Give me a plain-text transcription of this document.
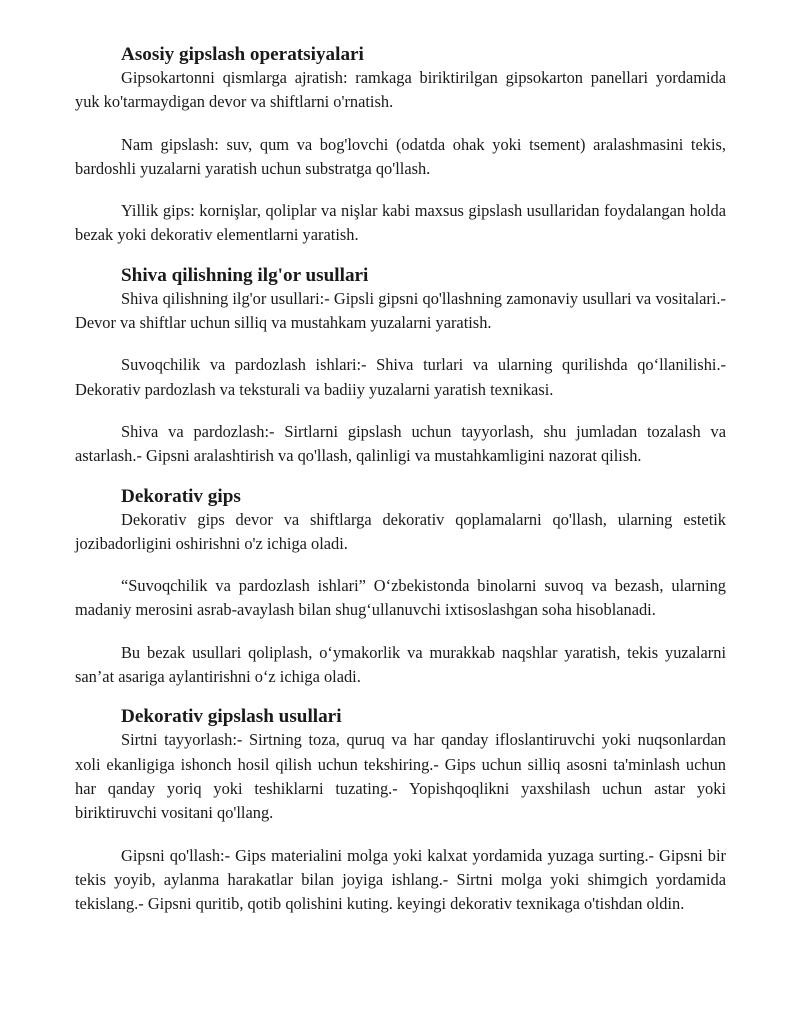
Asosiy gipslash operatsiyalari

Gipsokartonni qismlarga ajratish: ramkaga biriktirilgan gipsokarton panellari yordamida yuk ko'tarmaydigan devor va shiftlarni o'rnatish.

Nam gipslash: suv, qum va bog'lovchi (odatda ohak yoki tsement) aralashmasini tekis, bardoshli yuzalarni yaratish uchun substratga qo'llash.

Yillik gips: kornişlar, qoliplar va nişlar kabi maxsus gipslash usullaridan foydalangan holda bezak yoki dekorativ elementlarni yaratish.

Shiva qilishning ilg'or usullari

Shiva qilishning ilg'or usullari:- Gipsli gipsni qo'llashning zamonaviy usullari va vositalari.- Devor va shiftlar uchun silliq va mustahkam yuzalarni yaratish.

Suvoqchilik va pardozlash ishlari:- Shiva turlari va ularning qurilishda qo‘llanilishi.- Dekorativ pardozlash va teksturali va badiiy yuzalarni yaratish texnikasi.

Shiva va pardozlash:- Sirtlarni gipslash uchun tayyorlash, shu jumladan tozalash va astarlash.- Gipsni aralashtirish va qo'llash, qalinligi va mustahkamligini nazorat qilish.

Dekorativ gips

Dekorativ gips devor va shiftlarga dekorativ qoplamalarni qo'llash, ularning estetik jozibadorligini oshirishni o'z ichiga oladi.

“Suvoqchilik va pardozlash ishlari” O‘zbekistonda binolarni suvoq va bezash, ularning madaniy merosini asrab-avaylash bilan shug‘ullanuvchi ixtisoslashgan soha hisoblanadi.

Bu bezak usullari qoliplash, o‘ymakorlik va murakkab naqshlar yaratish, tekis yuzalarni san’at asariga aylantirishni o‘z ichiga oladi.

Dekorativ gipslash usullari

Sirtni tayyorlash:- Sirtning toza, quruq va har qanday ifloslantiruvchi yoki nuqsonlardan xoli ekanligiga ishonch hosil qilish uchun tekshiring.- Gips uchun silliq asosni ta'minlash uchun har qanday yoriq yoki teshiklarni tuzating.- Yopishqoqlikni yaxshilash uchun astar yoki biriktiruvchi vositani qo'llang.

Gipsni qo'llash:- Gips materialini molga yoki kalxat yordamida yuzaga surting.- Gipsni bir tekis yoyib, aylanma harakatlar bilan joyiga ishlang.- Sirtni molga yoki shimgich yordamida tekislang.- Gipsni quritib, qotib qolishini kuting. keyingi dekorativ texnikaga o'tishdan oldin.
